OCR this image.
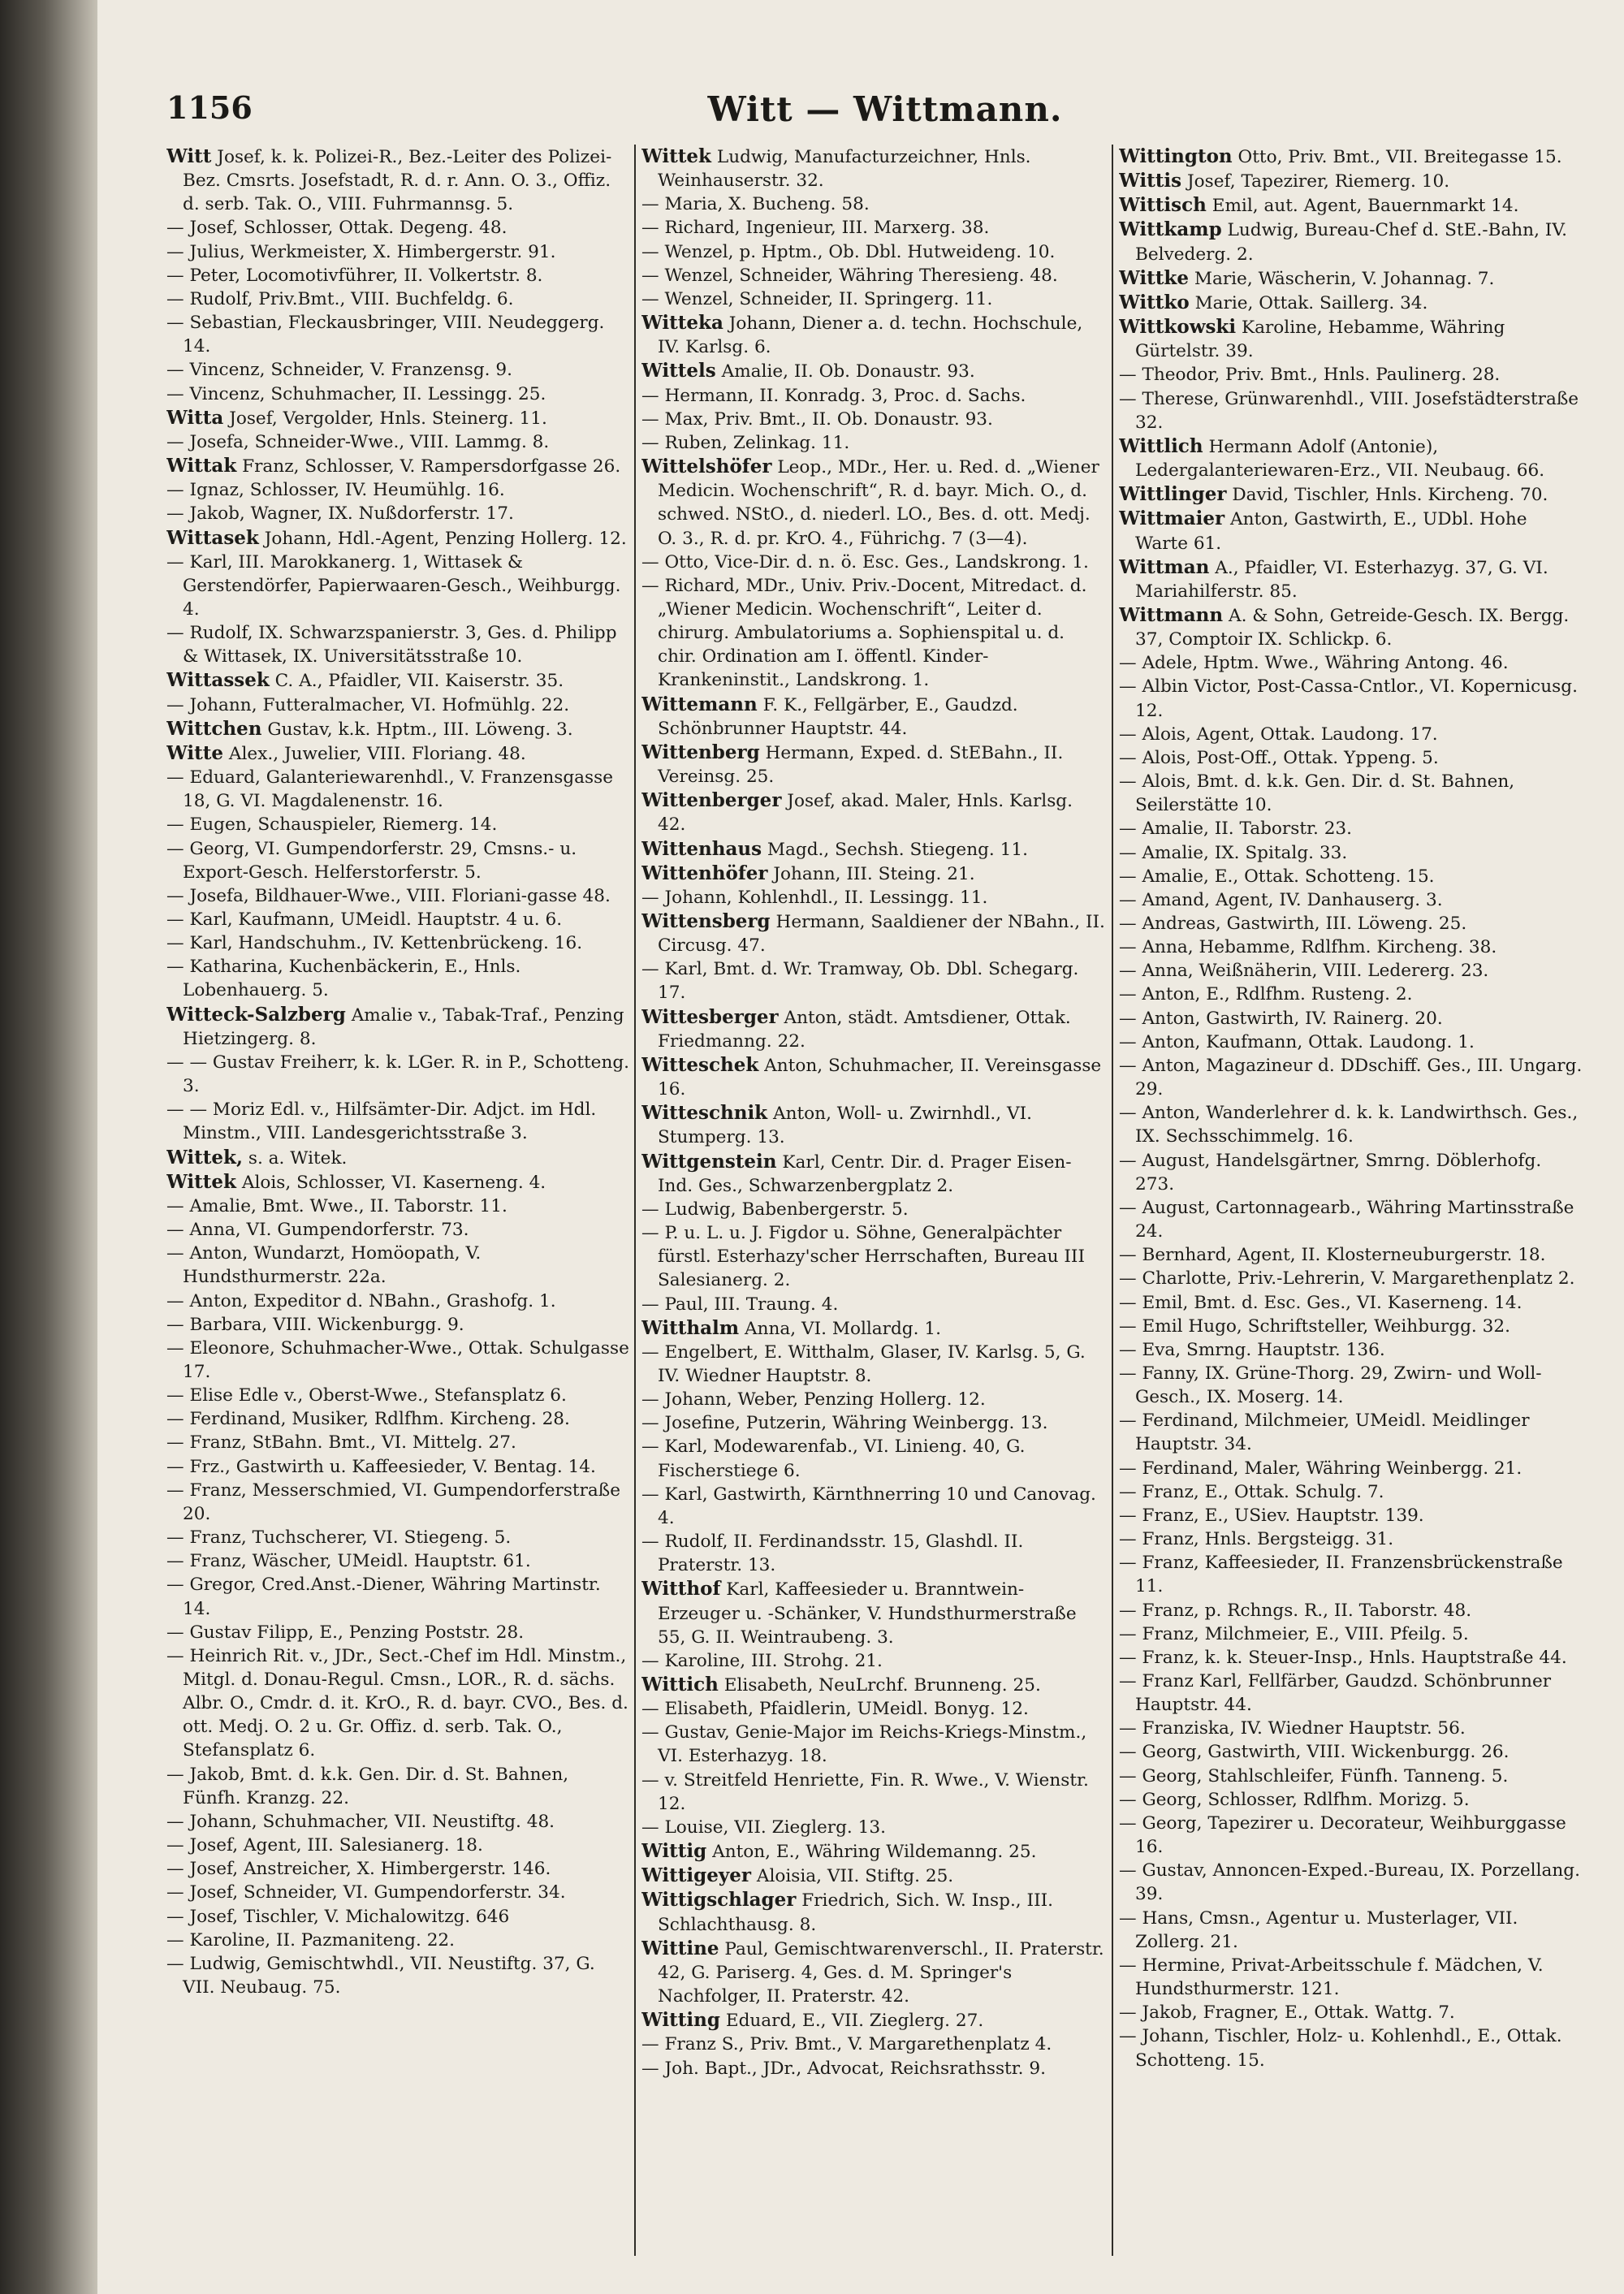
1156	Witt — Wittmann.

Witt Josef, k. k. Polizei-R., Bez.-Leiter des Polizei-Bez. Cmsrts. Josefstadt, R. d. r. Ann. O. 3., Offiz. d. serb. Tak. O., VIII. Fuhrmannsg. 5.

— Josef, Schlosser, Ottak. Degeng. 48.

— Julius, Werkmeister, X. Himbergerstr. 91.

— Peter, Locomotivführer, II. Volkertstr. 8.

— Rudolf, Priv.Bmt., VIII. Buchfeldg. 6.

— Sebastian, Fleckausbringer, VIII. Neudeggerg. 14.

— Vincenz, Schneider, V. Franzensg. 9.

— Vincenz, Schuhmacher, II. Lessingg. 25.

Witta Josef, Vergolder, Hnls. Steinerg. 11.

— Josefa, Schneider-Wwe., VIII. Lammg. 8.

Wittak Franz, Schlosser, V. Rampersdorfgasse 26.

— Ignaz, Schlosser, IV. Heumühlg. 16.

— Jakob, Wagner, IX. Nußdorferstr. 17.

Wittasek Johann, Hdl.-Agent, Penzing Hollerg. 12.

— Karl, III. Marokkanerg. 1, Wittasek & Gerstendörfer, Papierwaaren-Gesch., Weihburgg. 4.

— Rudolf, IX. Schwarzspanierstr. 3, Ges. d. Philipp & Wittasek, IX. Universitätsstraße 10.

Wittassek C. A., Pfaidler, VII. Kaiserstr. 35.

— Johann, Futteralmacher, VI. Hofmühlg. 22.

Wittchen Gustav, k.k. Hptm., III. Löweng. 3.

Witte Alex., Juwelier, VIII. Floriang. 48.

— Eduard, Galanteriewarenhdl., V. Franzensgasse 18, G. VI. Magdalenenstr. 16.

— Eugen, Schauspieler, Riemerg. 14.

— Georg, VI. Gumpendorferstr. 29, Cmsns.- u. Export-Gesch. Helferstorferstr. 5.

— Josefa, Bildhauer-Wwe., VIII. Floriani-gasse 48.

— Karl, Kaufmann, UMeidl. Hauptstr. 4 u. 6.

— Karl, Handschuhm., IV. Kettenbrückeng. 16.

— Katharina, Kuchenbäckerin, E., Hnls. Lobenhauerg. 5.

Witteck-Salzberg Amalie v., Tabak-Traf., Penzing Hietzingerg. 8.

— — Gustav Freiherr, k. k. LGer. R. in P., Schotteng. 3.

— — Moriz Edl. v., Hilfsämter-Dir. Adjct. im Hdl. Minstm., VIII. Landesgerichtsstraße 3.

Wittek, s. a. Witek.

Wittek Alois, Schlosser, VI. Kaserneng. 4.

— Amalie, Bmt. Wwe., II. Taborstr. 11.

— Anna, VI. Gumpendorferstr. 73.

— Anton, Wundarzt, Homöopath, V. Hundsthurmerstr. 22a.

— Anton, Expeditor d. NBahn., Grashofg. 1.

— Barbara, VIII. Wickenburgg. 9.

— Eleonore, Schuhmacher-Wwe., Ottak. Schulgasse 17.

— Elise Edle v., Oberst-Wwe., Stefansplatz 6.

— Ferdinand, Musiker, Rdlfhm. Kircheng. 28.

— Franz, StBahn. Bmt., VI. Mittelg. 27.

— Frz., Gastwirth u. Kaffeesieder, V. Bentag. 14.

— Franz, Messerschmied, VI. Gumpendorferstraße 20.

— Franz, Tuchscherer, VI. Stiegeng. 5.

— Franz, Wäscher, UMeidl. Hauptstr. 61.

— Gregor, Cred.Anst.-Diener, Währing Martinstr. 14.

— Gustav Filipp, E., Penzing Poststr. 28.

— Heinrich Rit. v., JDr., Sect.-Chef im Hdl. Minstm., Mitgl. d. Donau-Regul. Cmsn., LOR., R. d. sächs. Albr. O., Cmdr. d. it. KrO., R. d. bayr. CVO., Bes. d. ott. Medj. O. 2 u. Gr. Offiz. d. serb. Tak. O., Stefansplatz 6.

— Jakob, Bmt. d. k.k. Gen. Dir. d. St. Bahnen, Fünfh. Kranzg. 22.

— Johann, Schuhmacher, VII. Neustiftg. 48.

— Josef, Agent, III. Salesianerg. 18.

— Josef, Anstreicher, X. Himbergerstr. 146.

— Josef, Schneider, VI. Gumpendorferstr. 34.

— Josef, Tischler, V. Michalowitzg. 646

— Karoline, II. Pazmaniteng. 22.

— Ludwig, Gemischtwhdl., VII. Neustiftg. 37, G. VII. Neubaug. 75.

Wittek Ludwig, Manufacturzeichner, Hnls. Weinhauserstr. 32.

— Maria, X. Bucheng. 58.

— Richard, Ingenieur, III. Marxerg. 38.

— Wenzel, p. Hptm., Ob. Dbl. Hutweideng. 10.

— Wenzel, Schneider, Währing Theresieng. 48.

— Wenzel, Schneider, II. Springerg. 11.

Witteka Johann, Diener a. d. techn. Hochschule, IV. Karlsg. 6.

Wittels Amalie, II. Ob. Donaustr. 93.

— Hermann, II. Konradg. 3, Proc. d. Sachs.

— Max, Priv. Bmt., II. Ob. Donaustr. 93.

— Ruben, Zelinkag. 11.

Wittelshöfer Leop., MDr., Her. u. Red. d. „Wiener Medicin. Wochenschrift“, R. d. bayr. Mich. O., d. schwed. NStO., d. niederl. LO., Bes. d. ott. Medj. O. 3., R. d. pr. KrO. 4., Führichg. 7 (3—4).

— Otto, Vice-Dir. d. n. ö. Esc. Ges., Landskrong. 1.

— Richard, MDr., Univ. Priv.-Docent, Mitredact. d. „Wiener Medicin. Wochenschrift“, Leiter d. chirurg. Ambulatoriums a. Sophienspital u. d. chir. Ordination am I. öffentl. Kinder-Krankeninstit., Landskrong. 1.

Wittemann F. K., Fellgärber, E., Gaudzd. Schönbrunner Hauptstr. 44.

Wittenberg Hermann, Exped. d. StEBahn., II. Vereinsg. 25.

Wittenberger Josef, akad. Maler, Hnls. Karlsg. 42.

Wittenhaus Magd., Sechsh. Stiegeng. 11.

Wittenhöfer Johann, III. Steing. 21.

— Johann, Kohlenhdl., II. Lessingg. 11.

Wittensberg Hermann, Saaldiener der NBahn., II. Circusg. 47.

— Karl, Bmt. d. Wr. Tramway, Ob. Dbl. Schegarg. 17.

Wittesberger Anton, städt. Amtsdiener, Ottak. Friedmanng. 22.

Witteschek Anton, Schuhmacher, II. Vereinsgasse 16.

Witteschnik Anton, Woll- u. Zwirnhdl., VI. Stumperg. 13.

Wittgenstein Karl, Centr. Dir. d. Prager Eisen-Ind. Ges., Schwarzenbergplatz 2.

— Ludwig, Babenbergerstr. 5.

— P. u. L. u. J. Figdor u. Söhne, Generalpächter fürstl. Esterhazy'scher Herrschaften, Bureau III Salesianerg. 2.

— Paul, III. Traung. 4.

Witthalm Anna, VI. Mollardg. 1.

— Engelbert, E. Witthalm, Glaser, IV. Karlsg. 5, G. IV. Wiedner Hauptstr. 8.

— Johann, Weber, Penzing Hollerg. 12.

— Josefine, Putzerin, Währing Weinbergg. 13.

— Karl, Modewarenfab., VI. Linieng. 40, G. Fischerstiege 6.

— Karl, Gastwirth, Kärnthnerring 10 und Canovag. 4.

— Rudolf, II. Ferdinandsstr. 15, Glashdl. II. Praterstr. 13.

Witthof Karl, Kaffeesieder u. Branntwein-Erzeuger u. -Schänker, V. Hundsthurmerstraße 55, G. II. Weintraubeng. 3.

— Karoline, III. Strohg. 21.

Wittich Elisabeth, NeuLrchf. Brunneng. 25.

— Elisabeth, Pfaidlerin, UMeidl. Bonyg. 12.

— Gustav, Genie-Major im Reichs-Kriegs-Minstm., VI. Esterhazyg. 18.

— v. Streitfeld Henriette, Fin. R. Wwe., V. Wienstr. 12.

— Louise, VII. Zieglerg. 13.

Wittig Anton, E., Währing Wildemanng. 25.

Wittigeyer Aloisia, VII. Stiftg. 25.

Wittigschlager Friedrich, Sich. W. Insp., III. Schlachthausg. 8.

Wittine Paul, Gemischtwarenverschl., II. Praterstr. 42, G. Pariserg. 4, Ges. d. M. Springer's Nachfolger, II. Praterstr. 42.

Witting Eduard, E., VII. Zieglerg. 27.

— Franz S., Priv. Bmt., V. Margarethenplatz 4.

— Joh. Bapt., JDr., Advocat, Reichsrathsstr. 9.

Wittington Otto, Priv. Bmt., VII. Breitegasse 15.

Wittis Josef, Tapezirer, Riemerg. 10.

Wittisch Emil, aut. Agent, Bauernmarkt 14.

Wittkamp Ludwig, Bureau-Chef d. StE.-Bahn, IV. Belvederg. 2.

Wittke Marie, Wäscherin, V. Johannag. 7.

Wittko Marie, Ottak. Saillerg. 34.

Wittkowski Karoline, Hebamme, Währing Gürtelstr. 39.

— Theodor, Priv. Bmt., Hnls. Paulinerg. 28.

— Therese, Grünwarenhdl., VIII. Josefstädterstraße 32.

Wittlich Hermann Adolf (Antonie), Ledergalanteriewaren-Erz., VII. Neubaug. 66.

Wittlinger David, Tischler, Hnls. Kircheng. 70.

Wittmaier Anton, Gastwirth, E., UDbl. Hohe Warte 61.

Wittman A., Pfaidler, VI. Esterhazyg. 37, G. VI. Mariahilferstr. 85.

Wittmann A. & Sohn, Getreide-Gesch. IX. Bergg. 37, Comptoir IX. Schlickp. 6.

— Adele, Hptm. Wwe., Währing Antong. 46.

— Albin Victor, Post-Cassa-Cntlor., VI. Kopernicusg. 12.

— Alois, Agent, Ottak. Laudong. 17.

— Alois, Post-Off., Ottak. Yppeng. 5.

— Alois, Bmt. d. k.k. Gen. Dir. d. St. Bahnen, Seilerstätte 10.

— Amalie, II. Taborstr. 23.

— Amalie, IX. Spitalg. 33.

— Amalie, E., Ottak. Schotteng. 15.

— Amand, Agent, IV. Danhauserg. 3.

— Andreas, Gastwirth, III. Löweng. 25.

— Anna, Hebamme, Rdlfhm. Kircheng. 38.

— Anna, Weißnäherin, VIII. Ledererg. 23.

— Anton, E., Rdlfhm. Rusteng. 2.

— Anton, Gastwirth, IV. Rainerg. 20.

— Anton, Kaufmann, Ottak. Laudong. 1.

— Anton, Magazineur d. DDschiff. Ges., III. Ungarg. 29.

— Anton, Wanderlehrer d. k. k. Landwirthsch. Ges., IX. Sechsschimmelg. 16.

— August, Handelsgärtner, Smrng. Döblerhofg. 273.

— August, Cartonnagearb., Währing Martinsstraße 24.

— Bernhard, Agent, II. Klosterneuburgerstr. 18.

— Charlotte, Priv.-Lehrerin, V. Margarethenplatz 2.

— Emil, Bmt. d. Esc. Ges., VI. Kaserneng. 14.

— Emil Hugo, Schriftsteller, Weihburgg. 32.

— Eva, Smrng. Hauptstr. 136.

— Fanny, IX. Grüne-Thorg. 29, Zwirn- und Woll-Gesch., IX. Moserg. 14.

— Ferdinand, Milchmeier, UMeidl. Meidlinger Hauptstr. 34.

— Ferdinand, Maler, Währing Weinbergg. 21.

— Franz, E., Ottak. Schulg. 7.

— Franz, E., USiev. Hauptstr. 139.

— Franz, Hnls. Bergsteigg. 31.

— Franz, Kaffeesieder, II. Franzensbrückenstraße 11.

— Franz, p. Rchngs. R., II. Taborstr. 48.

— Franz, Milchmeier, E., VIII. Pfeilg. 5.

— Franz, k. k. Steuer-Insp., Hnls. Hauptstraße 44.

— Franz Karl, Fellfärber, Gaudzd. Schönbrunner Hauptstr. 44.

— Franziska, IV. Wiedner Hauptstr. 56.

— Georg, Gastwirth, VIII. Wickenburgg. 26.

— Georg, Stahlschleifer, Fünfh. Tanneng. 5.

— Georg, Schlosser, Rdlfhm. Morizg. 5.

— Georg, Tapezirer u. Decorateur, Weihburggasse 16.

— Gustav, Annoncen-Exped.-Bureau, IX. Porzellang. 39.

— Hans, Cmsn., Agentur u. Musterlager, VII. Zollerg. 21.

— Hermine, Privat-Arbeitsschule f. Mädchen, V. Hundsthurmerstr. 121.

— Jakob, Fragner, E., Ottak. Wattg. 7.

— Johann, Tischler, Holz- u. Kohlenhdl., E., Ottak. Schotteng. 15.
